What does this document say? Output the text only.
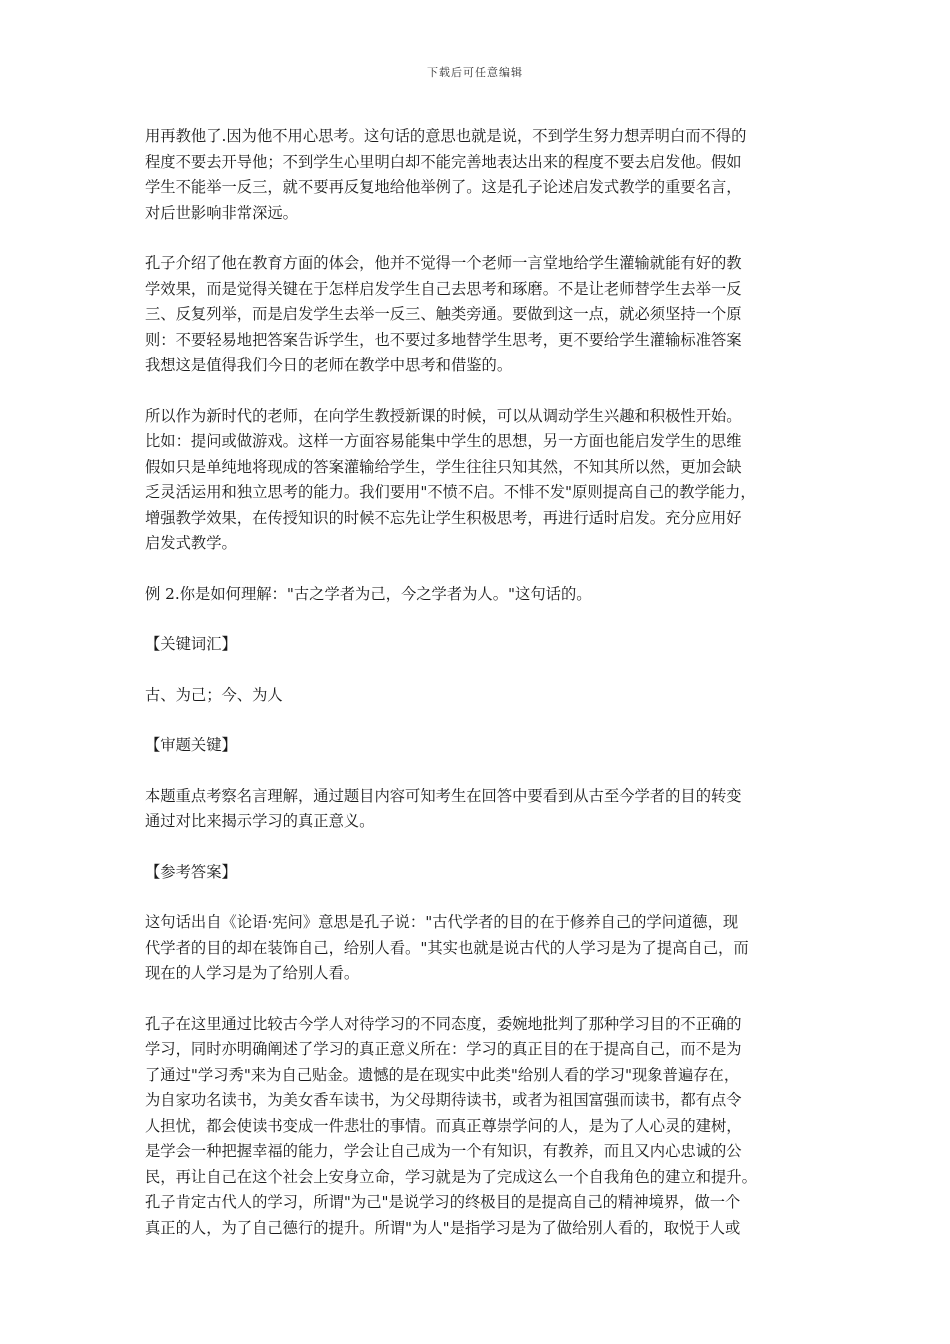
下载后可任意编辑
用再教他了.因为他不用心思考。这句话的意思也就是说，不到学生努力想弄明白而不得的
程度不要去开导他；不到学生心里明白却不能完善地表达出来的程度不要去启发他。假如
学生不能举一反三，就不要再反复地给他举例了。这是孔子论述启发式教学的重要名言，
对后世影响非常深远。
孔子介绍了他在教育方面的体会，他并不觉得一个老师一言堂地给学生灌输就能有好的教
学效果，而是觉得关键在于怎样启发学生自己去思考和琢磨。不是让老师替学生去举一反
三、反复列举，而是启发学生去举一反三、触类旁通。要做到这一点，就必须坚持一个原
则：不要轻易地把答案告诉学生，也不要过多地替学生思考，更不要给学生灌输标准答案
我想这是值得我们今日的老师在教学中思考和借鉴的。
所以作为新时代的老师，在向学生教授新课的时候，可以从调动学生兴趣和积极性开始。
比如：提问或做游戏。这样一方面容易能集中学生的思想，另一方面也能启发学生的思维
假如只是单纯地将现成的答案灌输给学生，学生往往只知其然，不知其所以然，更加会缺
乏灵活运用和独立思考的能力。我们要用"不愤不启。不悱不发"原则提高自己的教学能力，
增强教学效果，在传授知识的时候不忘先让学生积极思考，再进行适时启发。充分应用好
启发式教学。
例 2.你是如何理解："古之学者为己，今之学者为人。"这句话的。
【关键词汇】
古、为己；今、为人
【审题关键】
本题重点考察名言理解，通过题目内容可知考生在回答中要看到从古至今学者的目的转变
通过对比来揭示学习的真正意义。
【参考答案】
这句话出自《论语·宪问》意思是孔子说："古代学者的目的在于修养自己的学问道德，现
代学者的目的却在装饰自己，给别人看。"其实也就是说古代的人学习是为了提高自己，而
现在的人学习是为了给别人看。
孔子在这里通过比较古今学人对待学习的不同态度，委婉地批判了那种学习目的不正确的
学习，同时亦明确阐述了学习的真正意义所在：学习的真正目的在于提高自己，而不是为
了通过"学习秀"来为自己贴金。遗憾的是在现实中此类"给别人看的学习"现象普遍存在，
为自家功名读书，为美女香车读书，为父母期待读书，或者为祖国富强而读书，都有点令
人担忧，都会使读书变成一件悲壮的事情。而真正尊崇学问的人，是为了人心灵的建树，
是学会一种把握幸福的能力，学会让自己成为一个有知识，有教养，而且又内心忠诚的公
民，再让自己在这个社会上安身立命，学习就是为了完成这么一个自我角色的建立和提升。
孔子肯定古代人的学习，所谓"为己"是说学习的终极目的是提高自己的精神境界，做一个
真正的人，为了自己德行的提升。所谓"为人"是指学习是为了做给别人看的，取悦于人或
